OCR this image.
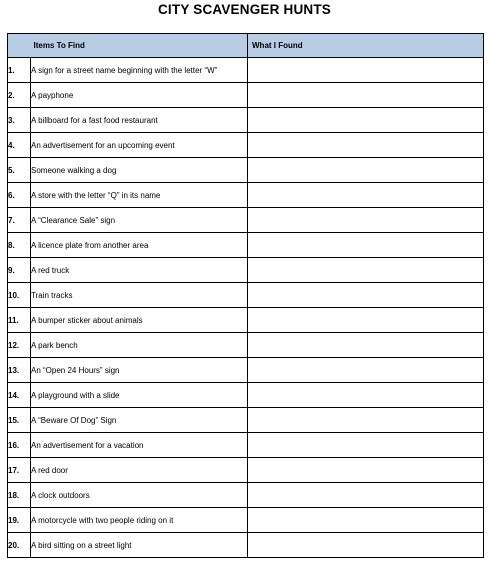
CITY SCAVENGER HUNTS
	Items To Find	What I Found
1.	A sign for a street name beginning with the letter “W”	
2.	A payphone	
3.	A billboard for a fast food restaurant	
4.	An advertisement for an upcoming event	
5.	Someone walking a dog	
6.	A store with the letter “Q” in its name	
7.	A “Clearance Sale” sign	
8.	A licence plate from another area	
9.	A red truck	
10.	Train tracks	
11.	A bumper sticker about animals	
12.	A park bench	
13.	An “Open 24 Hours” sign	
14.	A playground with a slide	
15.	A “Beware Of Dog” Sign	
16.	An advertisement for a vacation	
17.	A red door	
18.	A clock outdoors	
19.	A motorcycle with two people riding on it	
20.	A bird sitting on a street light	
